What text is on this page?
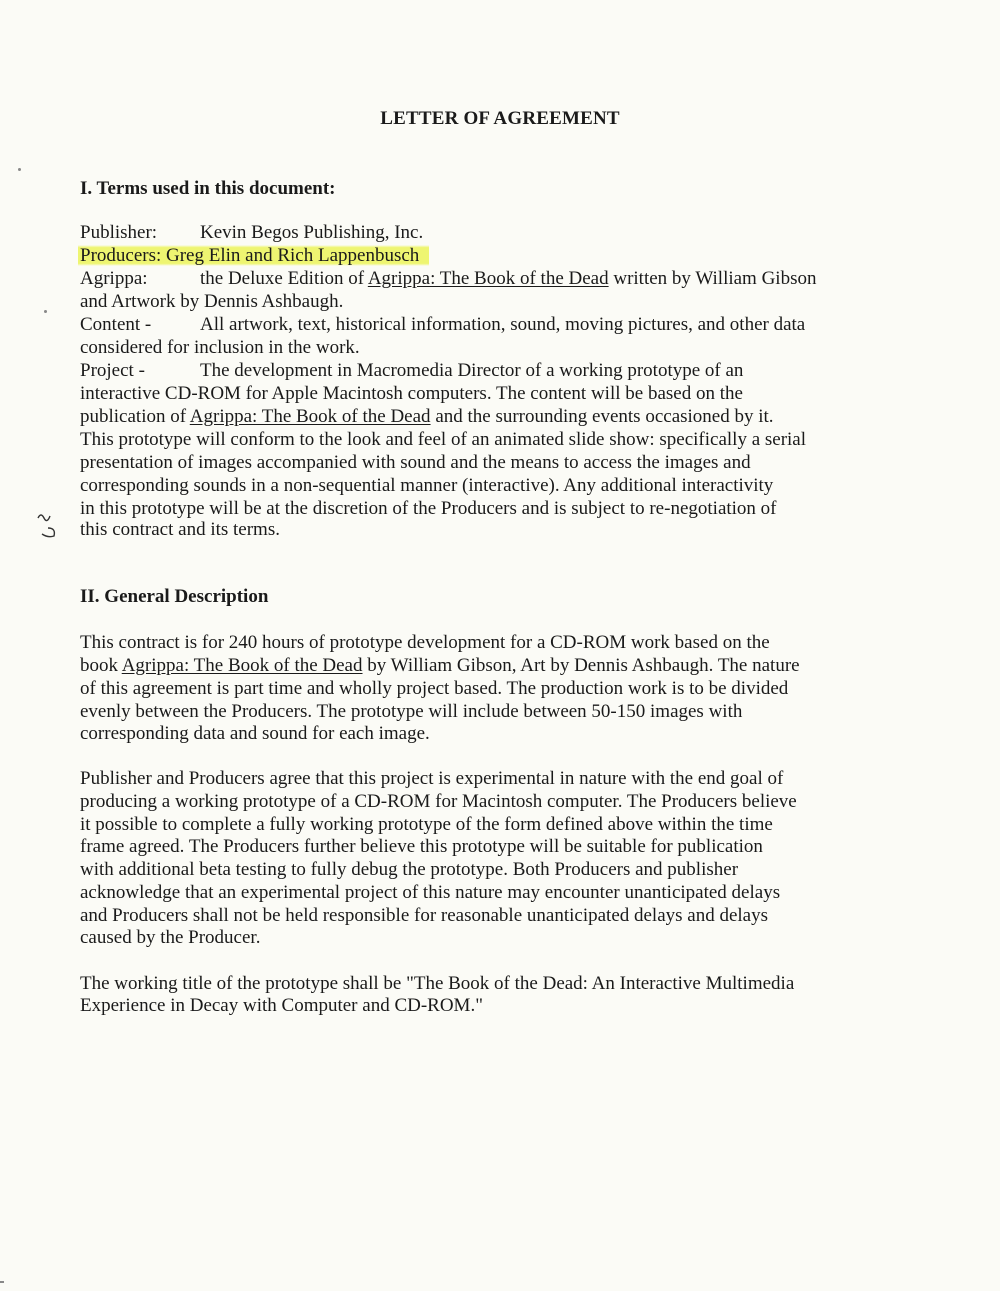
LETTER OF AGREEMENT
I. Terms used in this document:
Publisher: Kevin Begos Publishing, Inc.
Producers: Greg Elin and Rich Lappenbusch
Agrippa:	the Deluxe Edition of Agrippa: The Book of the Dead written by William Gibson
and Artwork by Dennis Ashbaugh.
Content -	All artwork, text, historical information, sound, moving pictures, and other data
considered for inclusion in the work.
Project -	The development in Macromedia Director of a working prototype of an
interactive CD-ROM for Apple Macintosh computers. The content will be based on the
publication of Agrippa: The Book of the Dead and the surrounding events occasioned by it.
This prototype will conform to the look and feel of an animated slide show: specifically a serial
presentation of images accompanied with sound and the means to access the images and
corresponding sounds in a non-sequential manner (interactive). Any additional interactivity
in this prototype will be at the discretion of the Producers and is subject to re-negotiation of
this contract and its terms.
II. General Description
This contract is for 240 hours of prototype development for a CD-ROM work based on the
book Agrippa: The Book of the Dead by William Gibson, Art by Dennis Ashbaugh. The nature
of this agreement is part time and wholly project based. The production work is to be divided
evenly between the Producers. The prototype will include between 50-150 images with
corresponding data and sound for each image.
Publisher and Producers agree that this project is experimental in nature with the end goal of
producing a working prototype of a CD-ROM for Macintosh computer. The Producers believe
it possible to complete a fully working prototype of the form defined above within the time
frame agreed. The Producers further believe this prototype will be suitable for publication
with additional beta testing to fully debug the prototype. Both Producers and publisher
acknowledge that an experimental project of this nature may encounter unanticipated delays
and Producers shall not be held responsible for reasonable unanticipated delays and delays
caused by the Producer.
The working title of the prototype shall be "The Book of the Dead: An Interactive Multimedia
Experience in Decay with Computer and CD-ROM."
